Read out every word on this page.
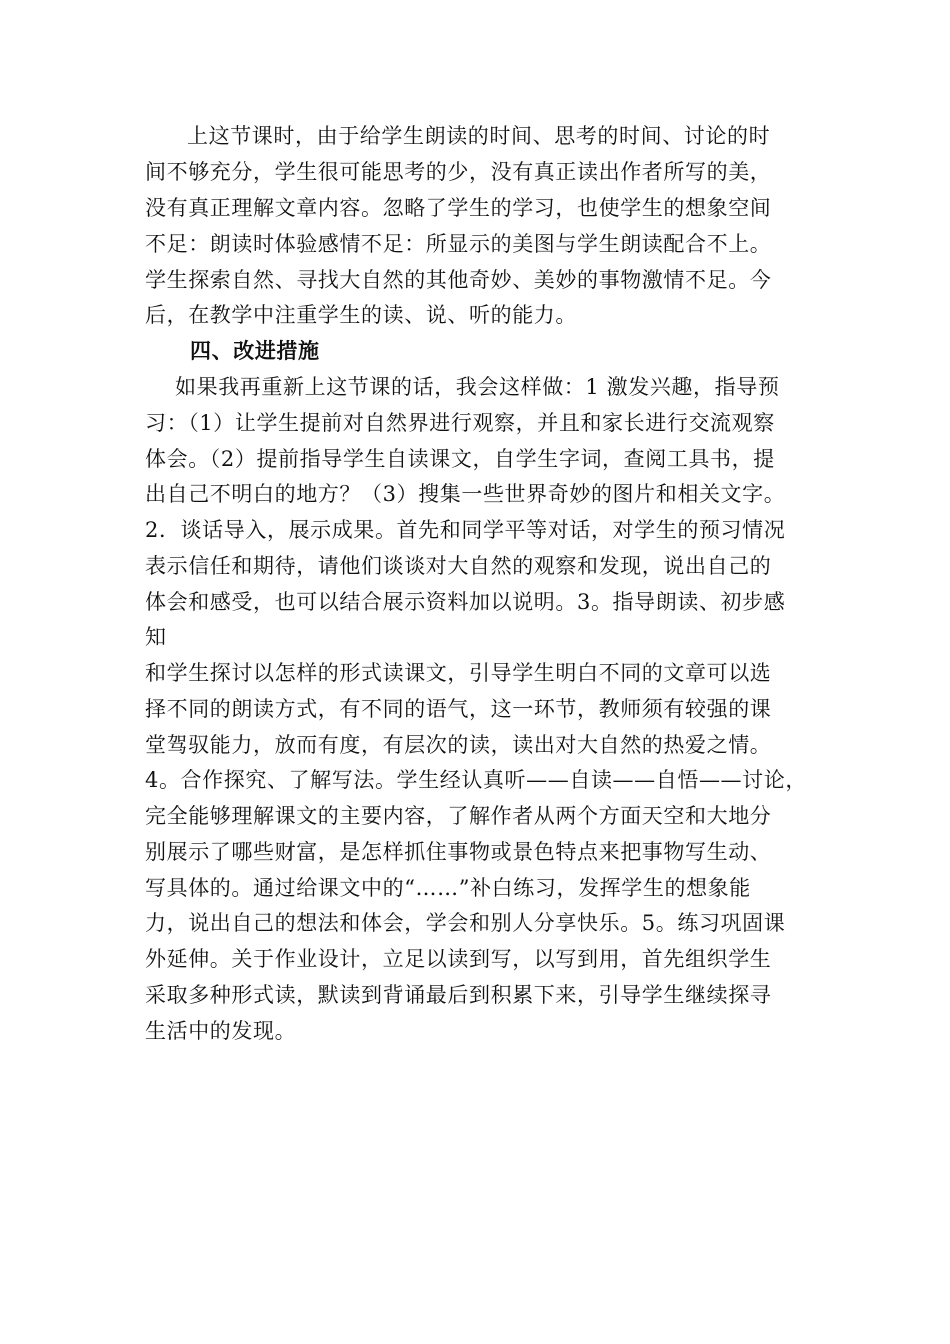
上这节课时，由于给学生朗读的时间、思考的时间、讨论的时
间不够充分，学生很可能思考的少，没有真正读出作者所写的美，
没有真正理解文章内容。忽略了学生的学习，也使学生的想象空间
不足：朗读时体验感情不足：所显示的美图与学生朗读配合不上。
学生探索自然、寻找大自然的其他奇妙、美妙的事物激情不足。今
后，在教学中注重学生的读、说、听的能力。
四、改进措施
如果我再重新上这节课的话，我会这样做：1 激发兴趣，指导预
习：（1）让学生提前对自然界进行观察，并且和家长进行交流观察
体会。（2）提前指导学生自读课文，自学生字词，查阅工具书，提
出自己不明白的地方？（3）搜集一些世界奇妙的图片和相关文字。
2．谈话导入，展示成果。首先和同学平等对话，对学生的预习情况
表示信任和期待，请他们谈谈对大自然的观察和发现，说出自己的
体会和感受，也可以结合展示资料加以说明。3。指导朗读、初步感
知
和学生探讨以怎样的形式读课文，引导学生明白不同的文章可以选
择不同的朗读方式，有不同的语气，这一环节，教师须有较强的课
堂驾驭能力，放而有度，有层次的读，读出对大自然的热爱之情。
4。合作探究、了解写法。学生经认真听——自读——自悟——讨论，
完全能够理解课文的主要内容，了解作者从两个方面天空和大地分
别展示了哪些财富，是怎样抓住事物或景色特点来把事物写生动、
写具体的。通过给课文中的“……”补白练习，发挥学生的想象能
力，说出自己的想法和体会，学会和别人分享快乐。5。练习巩固课
外延伸。关于作业设计，立足以读到写，以写到用，首先组织学生
采取多种形式读，默读到背诵最后到积累下来，引导学生继续探寻
生活中的发现。
